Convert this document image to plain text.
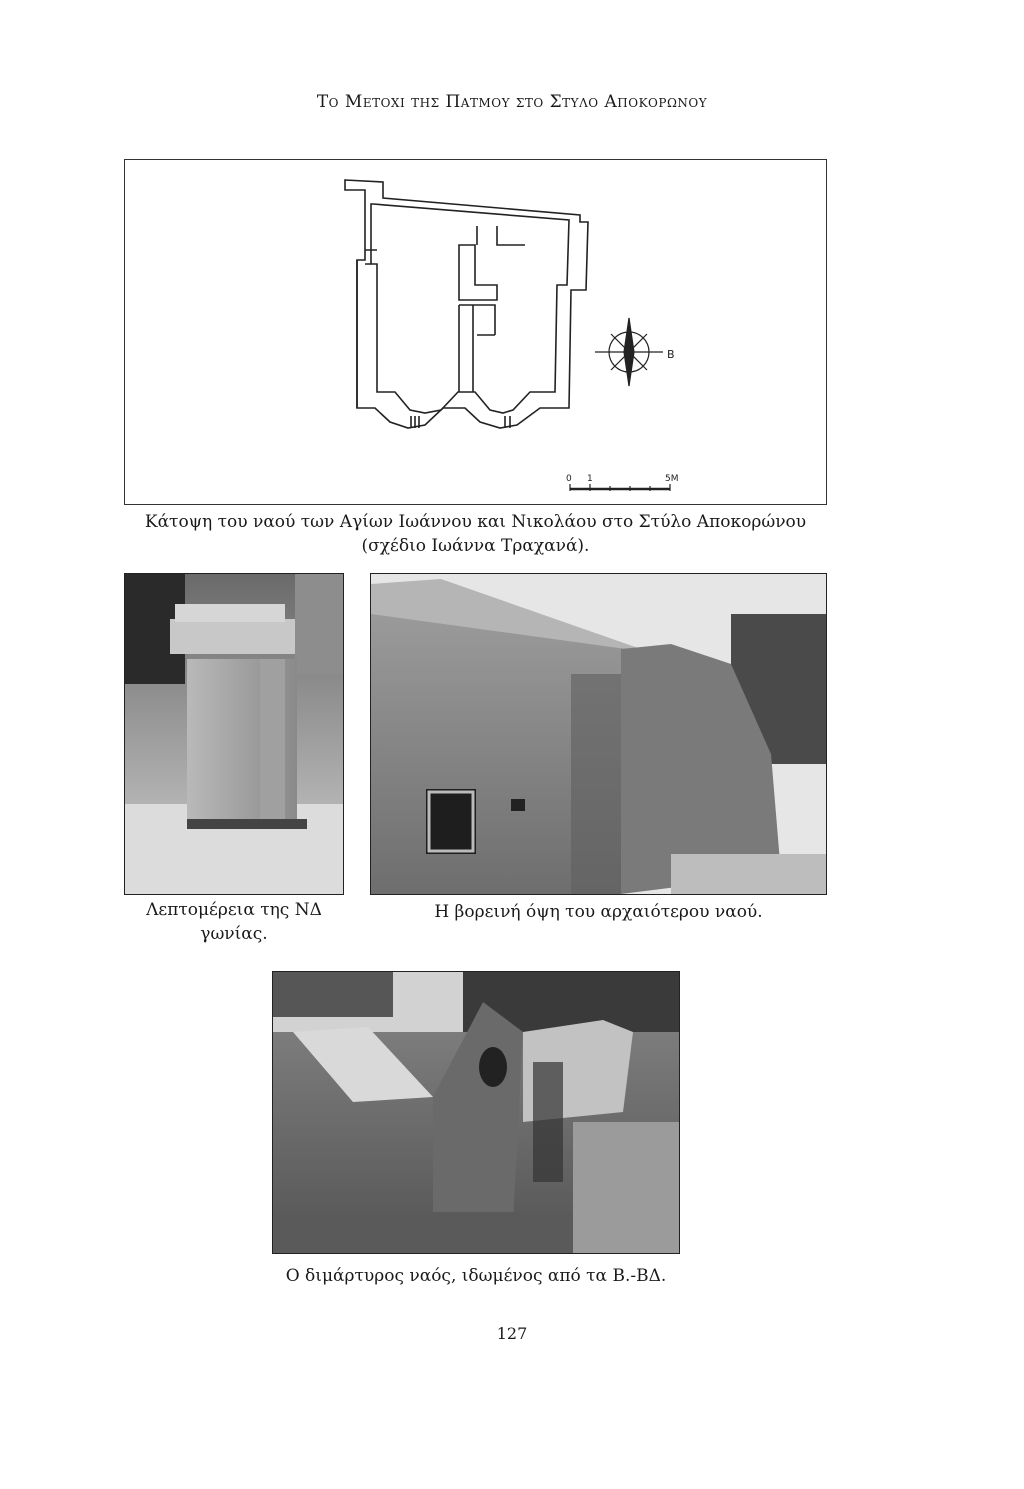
Το Μετοχι της Πατμου στο Στυλο Αποκορωνου
B
0 1	5M
Κάτοψη του ναού των Αγίων Ιωάννου και Νικολάου στο Στύλο Αποκορώνου
(σχέδιο Ιωάννα Τραχανά).
Λεπτομέρεια της ΝΔ γωνίας.
Η βορεινή όψη του αρχαιότερου ναού.
Ο διμάρτυρος ναός, ιδωμένος από τα Β.-ΒΔ.
127
